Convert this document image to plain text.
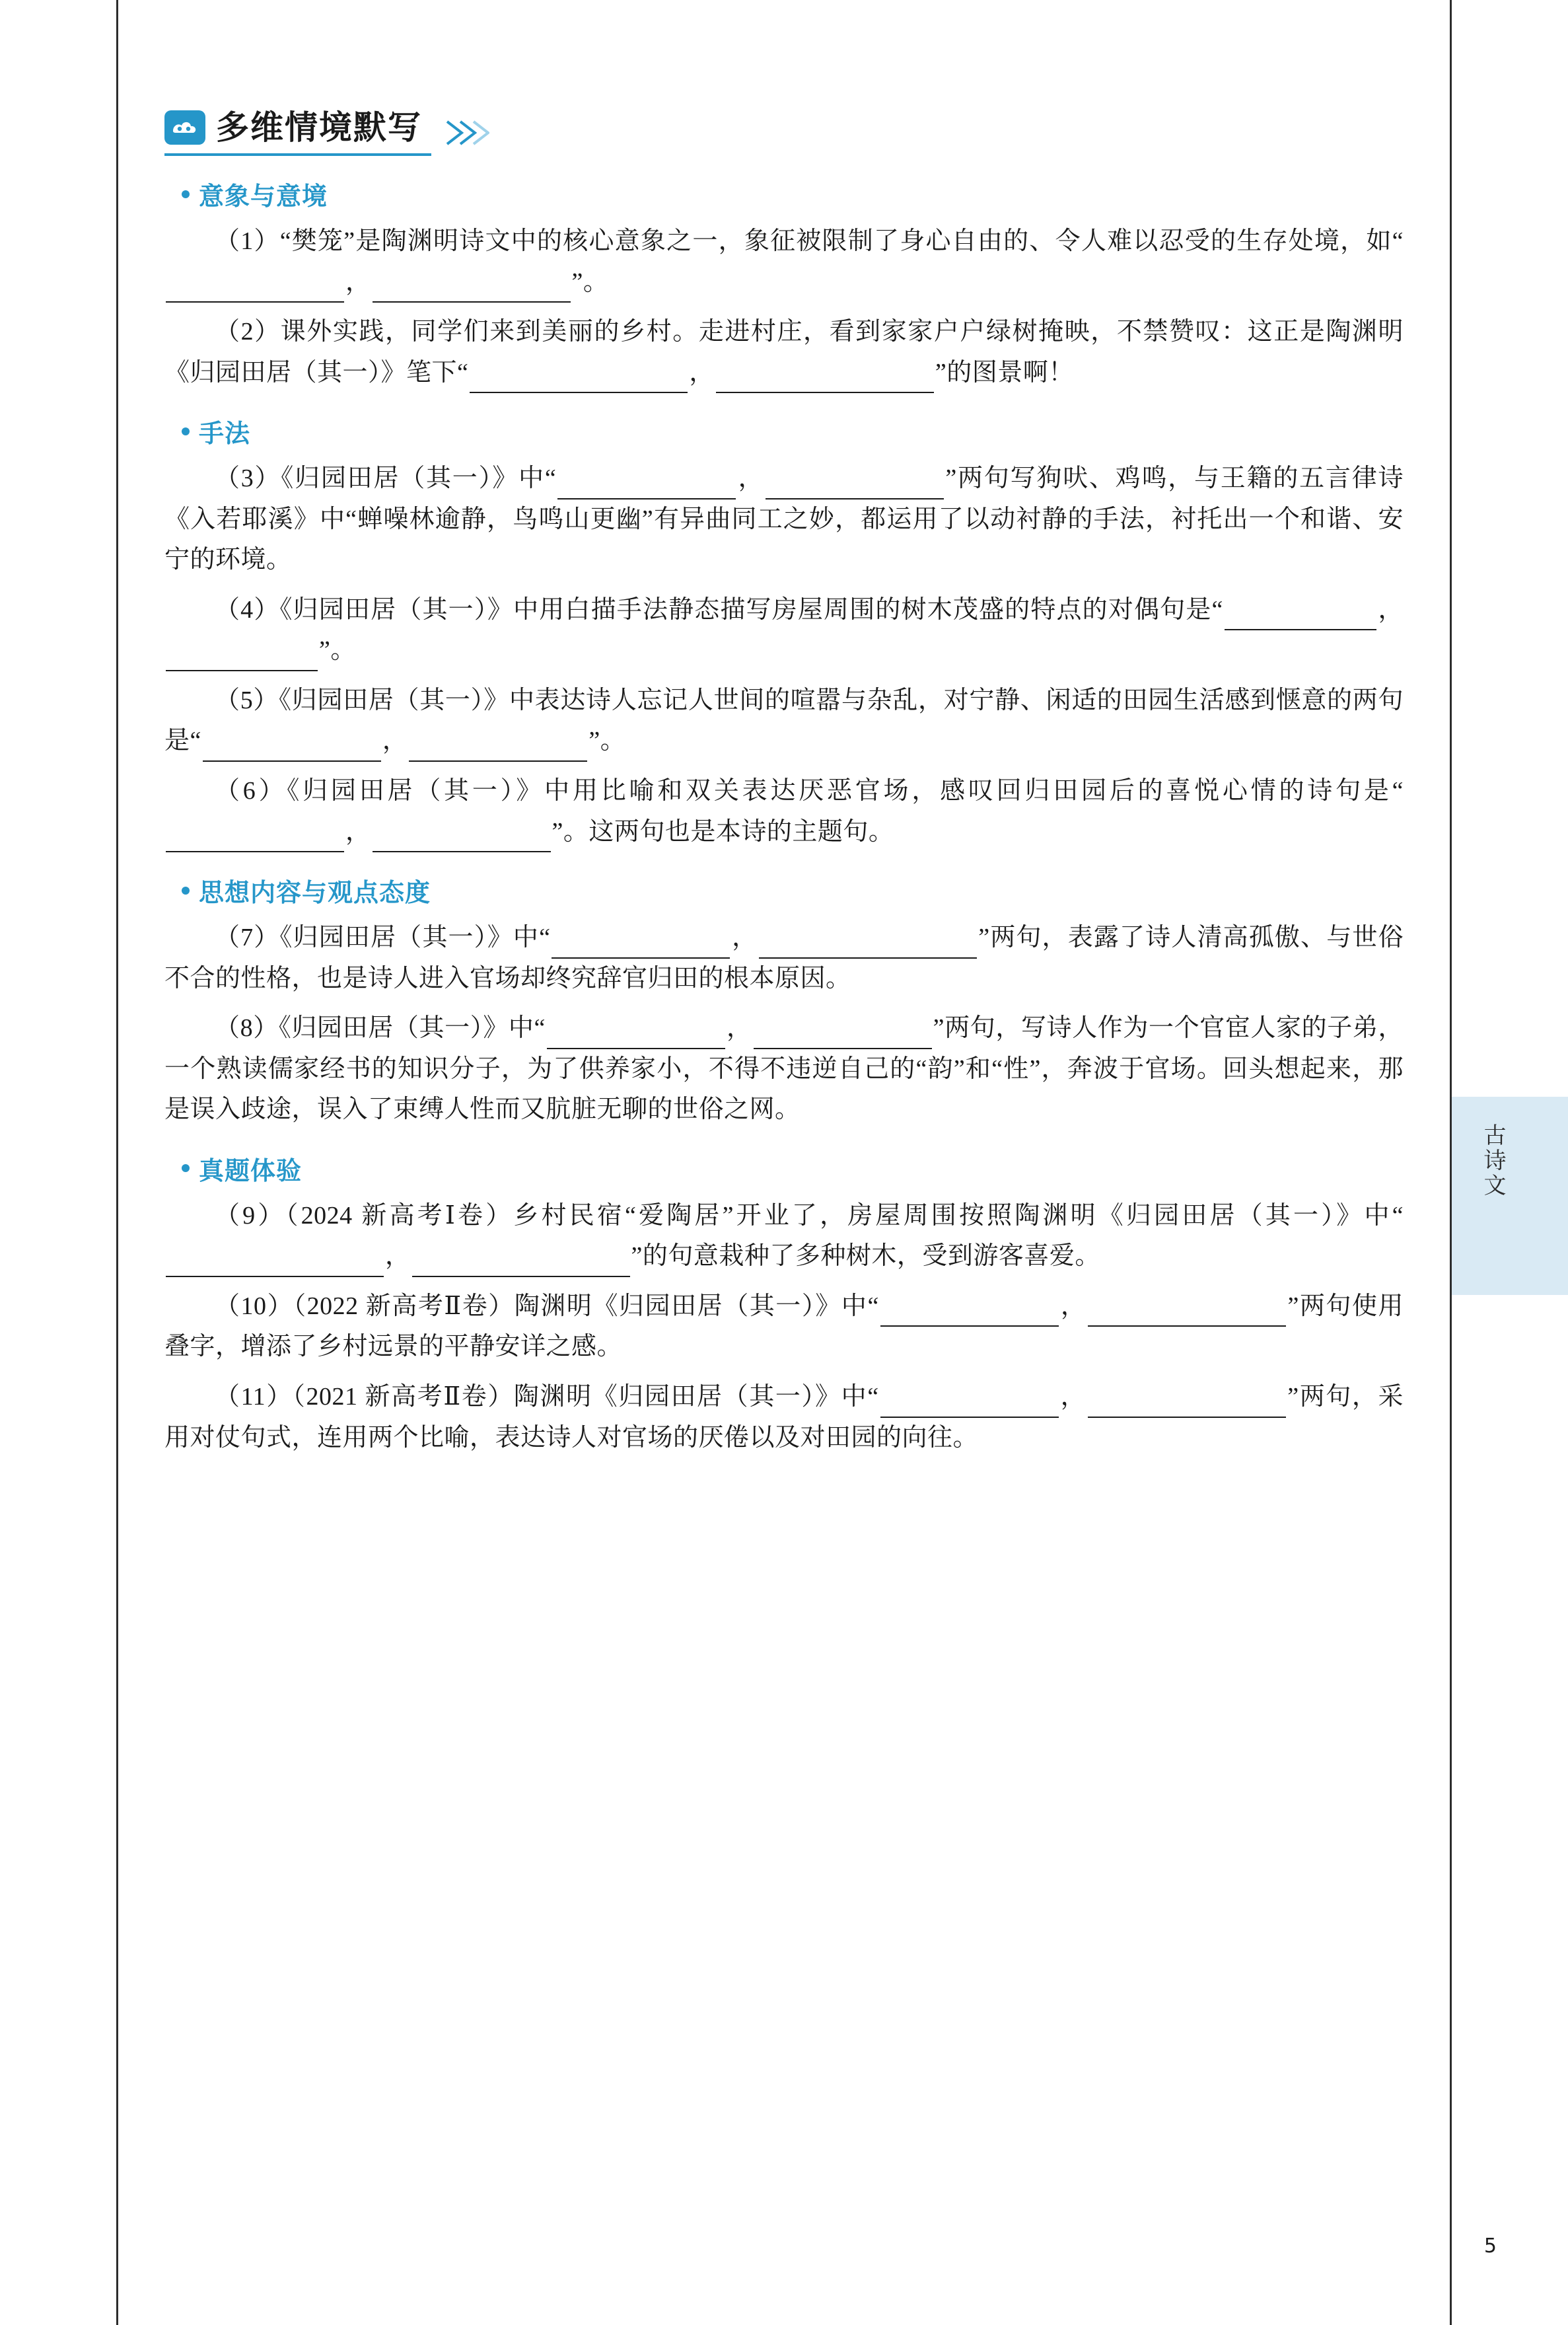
古诗文
多维情境默写
意象与意境

（1）“樊笼”是陶渊明诗文中的核心意象之一，象征被限制了身心自由的、令人难以忍受的生存处境，如“，	”。

（2）课外实践，同学们来到美丽的乡村。走进村庄，看到家家户户绿树掩映，不禁赞叹：这正是陶渊明《归园田居（其一）》笔下“	，	”的图景啊！

手法

（3）《归园田居（其一）》中“	，	”两句写狗吠、鸡鸣，与王籍的五言律诗《入若耶溪》中“蝉噪林逾静，鸟鸣山更幽”有异曲同工之妙，都运用了以动衬静的手法，衬托出一个和谐、安宁的环境。

（4）《归园田居（其一）》中用白描手法静态描写房屋周围的树木茂盛的特点的对偶句是“	，”。

（5）《归园田居（其一）》中表达诗人忘记人世间的喧嚣与杂乱，对宁静、闲适的田园生活感到惬意的两句是“	，	”。

（6）《归园田居（其一）》中用比喻和双关表达厌恶官场，感叹回归田园后的喜悦心情的诗句是“，	”。这两句也是本诗的主题句。

思想内容与观点态度

（7）《归园田居（其一）》中“	，	”两句，表露了诗人清高孤傲、与世俗不合的性格，也是诗人进入官场却终究辞官归田的根本原因。

（8）《归园田居（其一）》中“	，	”两句，写诗人作为一个官宦人家的子弟，一个熟读儒家经书的知识分子，为了供养家小，不得不违逆自己的“韵”和“性”，奔波于官场。回头想起来，那是误入歧途，误入了束缚人性而又肮脏无聊的世俗之网。

真题体验

（9）（2024 新高考Ⅰ卷）乡村民宿“爱陶居”开业了，房屋周围按照陶渊明《归园田居（其一）》中“，	”的句意栽种了多种树木，受到游客喜爱。

（10）（2022 新高考Ⅱ卷）陶渊明《归园田居（其一）》中“	，	”两句使用叠字，增添了乡村远景的平静安详之感。

（11）（2021 新高考Ⅱ卷）陶渊明《归园田居（其一）》中“	，	”两句，采用对仗句式，连用两个比喻，表达诗人对官场的厌倦以及对田园的向往。

5
